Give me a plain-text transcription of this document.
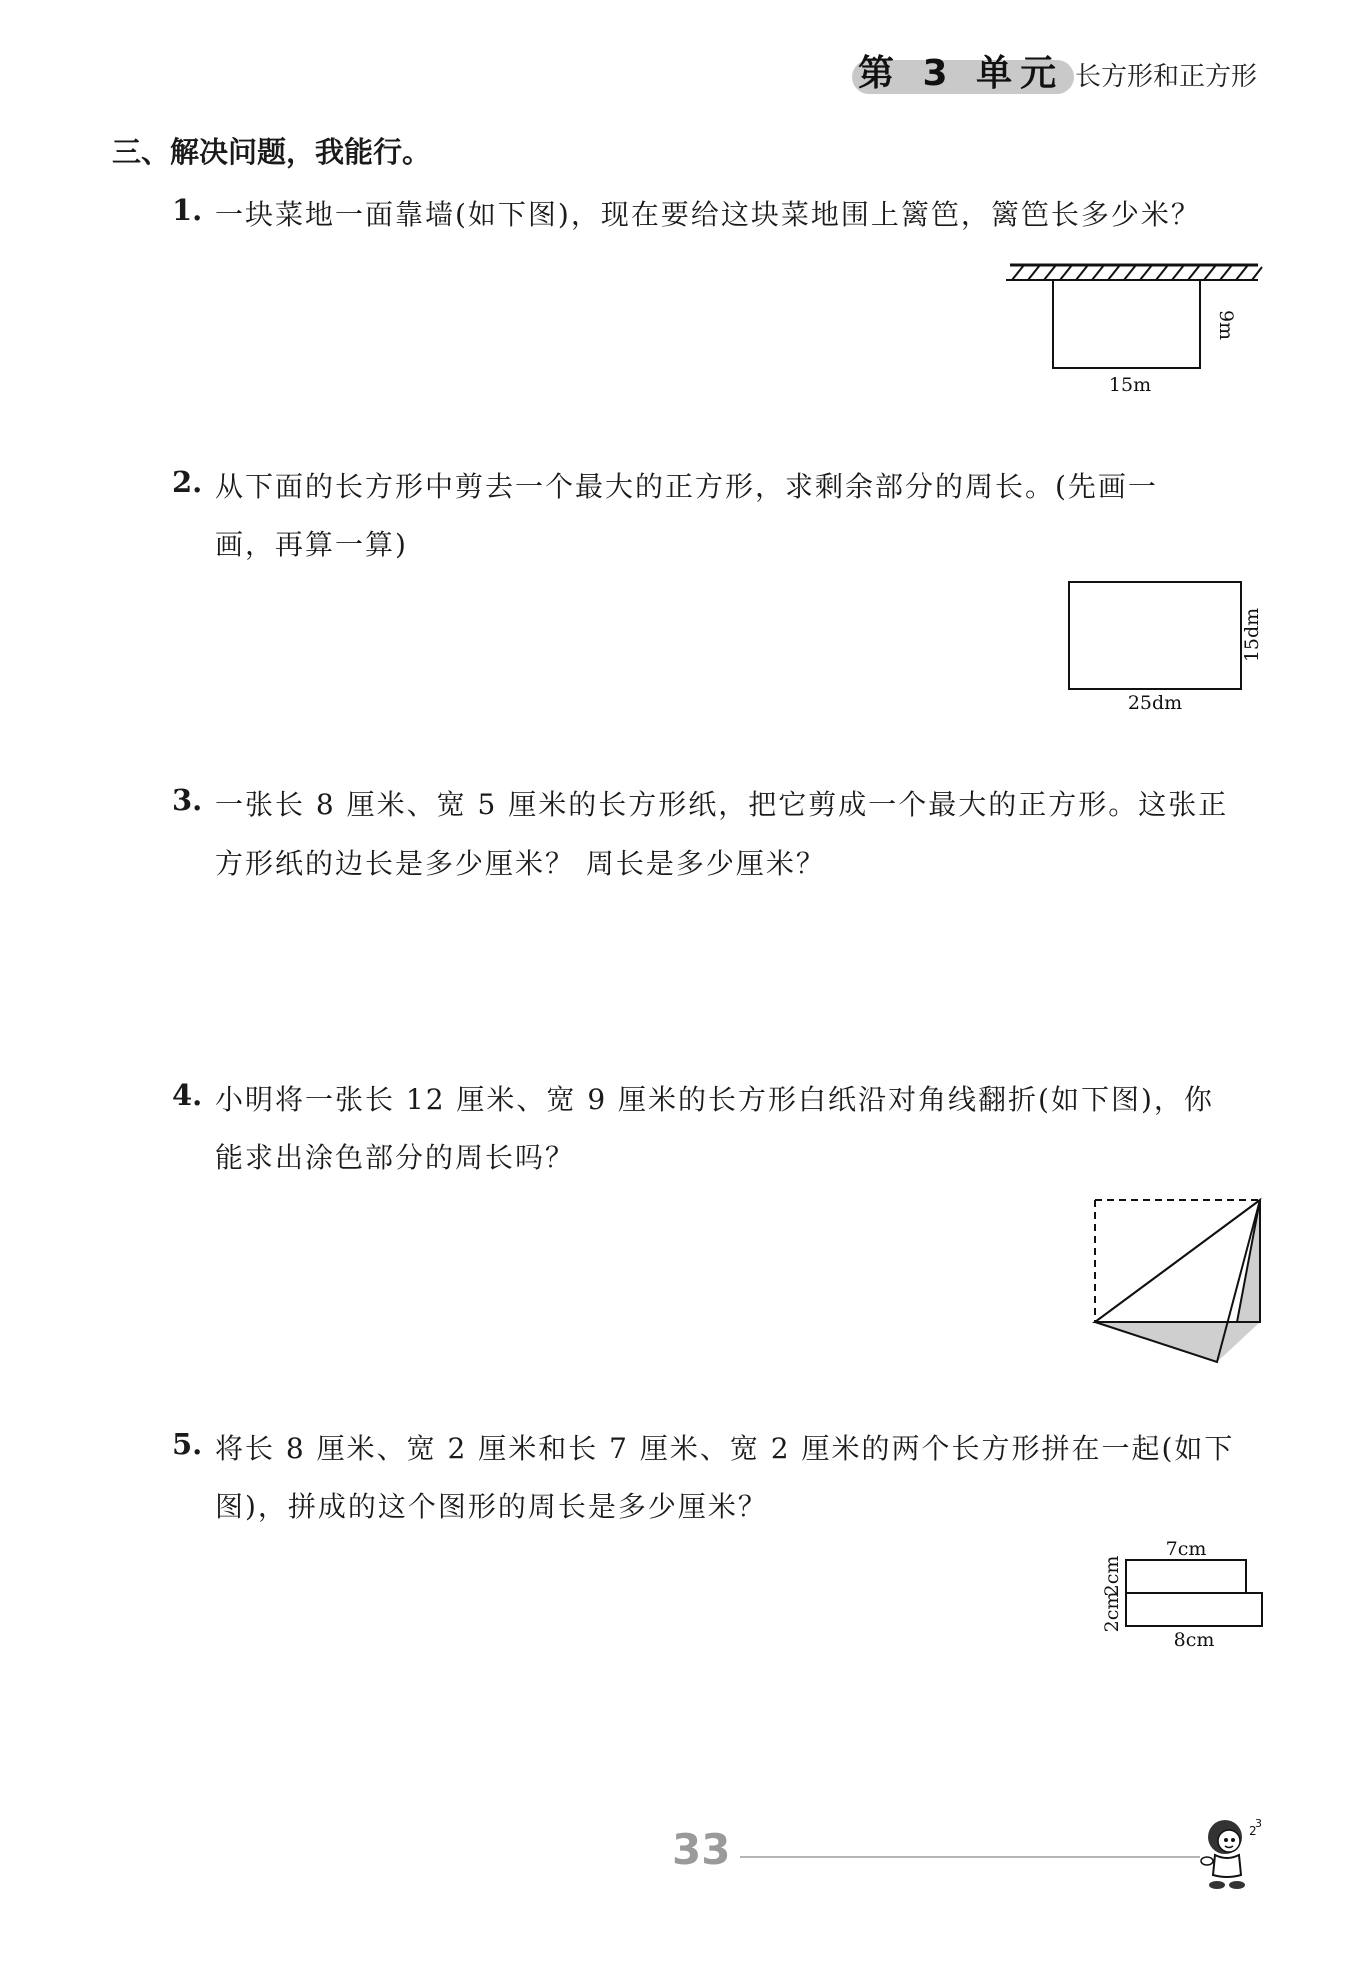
第 3 单元 长方形和正方形
三、解决问题，我能行。
1. 一块菜地一面靠墙(如下图)，现在要给这块菜地围上篱笆，篱笆长多少米？
15m
9m
2. 从下面的长方形中剪去一个最大的正方形，求剩余部分的周长。(先画一
画，再算一算)
25dm
15dm
3. 一张长 8 厘米、宽 5 厘米的长方形纸，把它剪成一个最大的正方形。这张正
方形纸的边长是多少厘米？ 周长是多少厘米？
4. 小明将一张长 12 厘米、宽 9 厘米的长方形白纸沿对角线翻折(如下图)，你
能求出涂色部分的周长吗？
5. 将长 8 厘米、宽 2 厘米和长 7 厘米、宽 2 厘米的两个长方形拼在一起(如下
图)，拼成的这个图形的周长是多少厘米？
7cm
8cm
2cm
2cm
33	2
3
